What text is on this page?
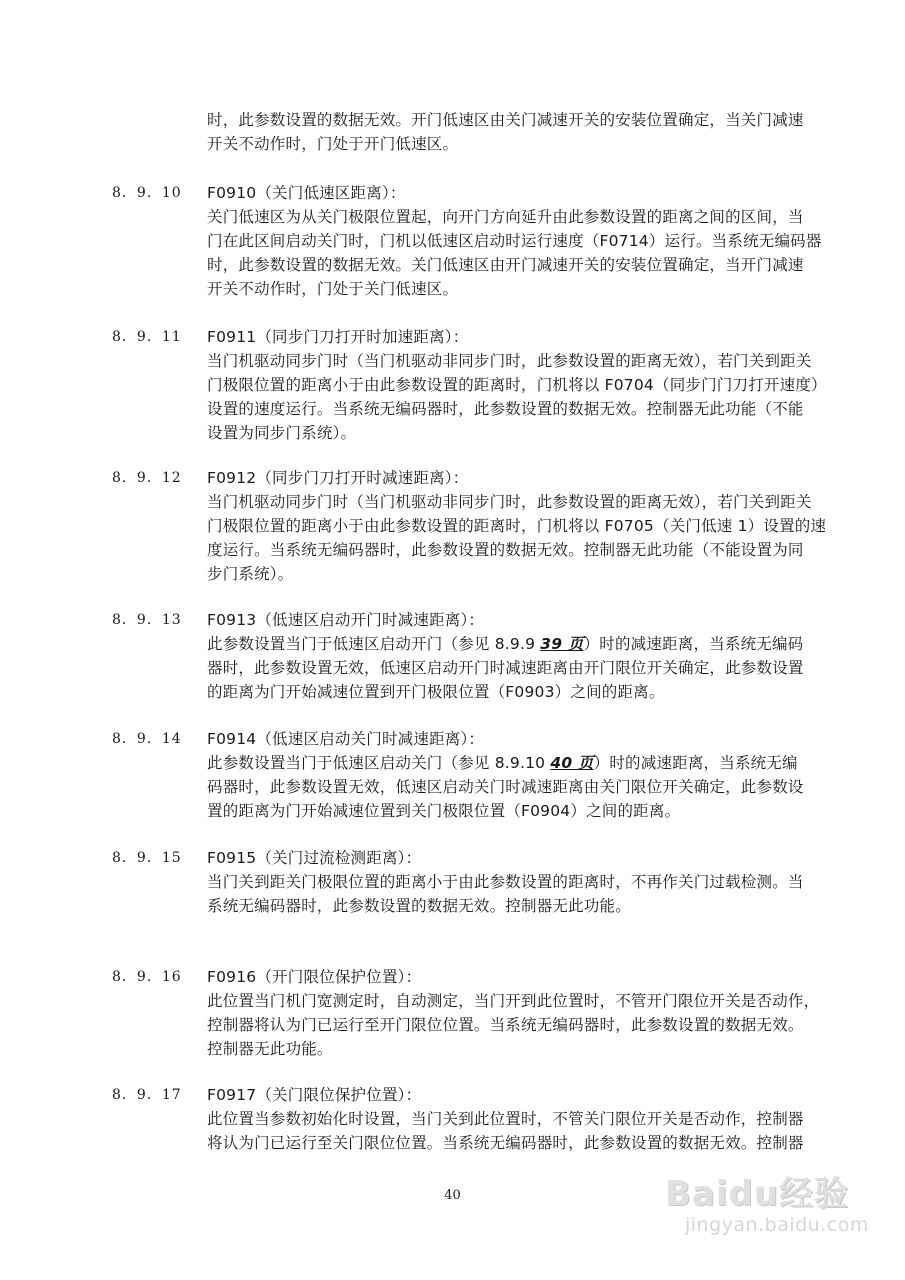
时，此参数设置的数据无效。开门低速区由关门减速开关的安装位置确定，当关门减速
开关不动作时，门处于开门低速区。
8．9．10 F0910（关门低速区距离）：
关门低速区为从关门极限位置起，向开门方向延升由此参数设置的距离之间的区间，当
门在此区间启动关门时，门机以低速区启动时运行速度（F0714）运行。当系统无编码器
时，此参数设置的数据无效。关门低速区由开门减速开关的安装位置确定，当开门减速
开关不动作时，门处于关门低速区。
8．9．11 F0911（同步门刀打开时加速距离）：
当门机驱动同步门时（当门机驱动非同步门时，此参数设置的距离无效），若门关到距关
门极限位置的距离小于由此参数设置的距离时，门机将以 F0704（同步门门刀打开速度）
设置的速度运行。当系统无编码器时，此参数设置的数据无效。控制器无此功能（不能
设置为同步门系统）。
8．9．12 F0912（同步门刀打开时减速距离）：
当门机驱动同步门时（当门机驱动非同步门时，此参数设置的距离无效），若门关到距关
门极限位置的距离小于由此参数设置的距离时，门机将以 F0705（关门低速 1）设置的速
度运行。当系统无编码器时，此参数设置的数据无效。控制器无此功能（不能设置为同
步门系统）。
8．9．13 F0913（低速区启动开门时减速距离）：
此参数设置当门于低速区启动开门（参见 8.9.9 39 页）时的减速距离，当系统无编码
器时，此参数设置无效，低速区启动开门时减速距离由开门限位开关确定，此参数设置
的距离为门开始减速位置到开门极限位置（F0903）之间的距离。
8．9．14 F0914（低速区启动关门时减速距离）：
此参数设置当门于低速区启动关门（参见 8.9.10 40 页）时的减速距离，当系统无编
码器时，此参数设置无效，低速区启动关门时减速距离由关门限位开关确定，此参数设
置的距离为门开始减速位置到关门极限位置（F0904）之间的距离。
8．9．15 F0915（关门过流检测距离）：
当门关到距关门极限位置的距离小于由此参数设置的距离时，不再作关门过载检测。当
系统无编码器时，此参数设置的数据无效。控制器无此功能。
8．9．16 F0916（开门限位保护位置）：
此位置当门机门宽测定时，自动测定，当门开到此位置时，不管开门限位开关是否动作，
控制器将认为门已运行至开门限位位置。当系统无编码器时，此参数设置的数据无效。
控制器无此功能。
8．9．17 F0917（关门限位保护位置）：
此位置当参数初始化时设置，当门关到此位置时，不管关门限位开关是否动作，控制器
将认为门已运行至关门限位位置。当系统无编码器时，此参数设置的数据无效。控制器
40	Baidu经验
jingyan.baidu.com
